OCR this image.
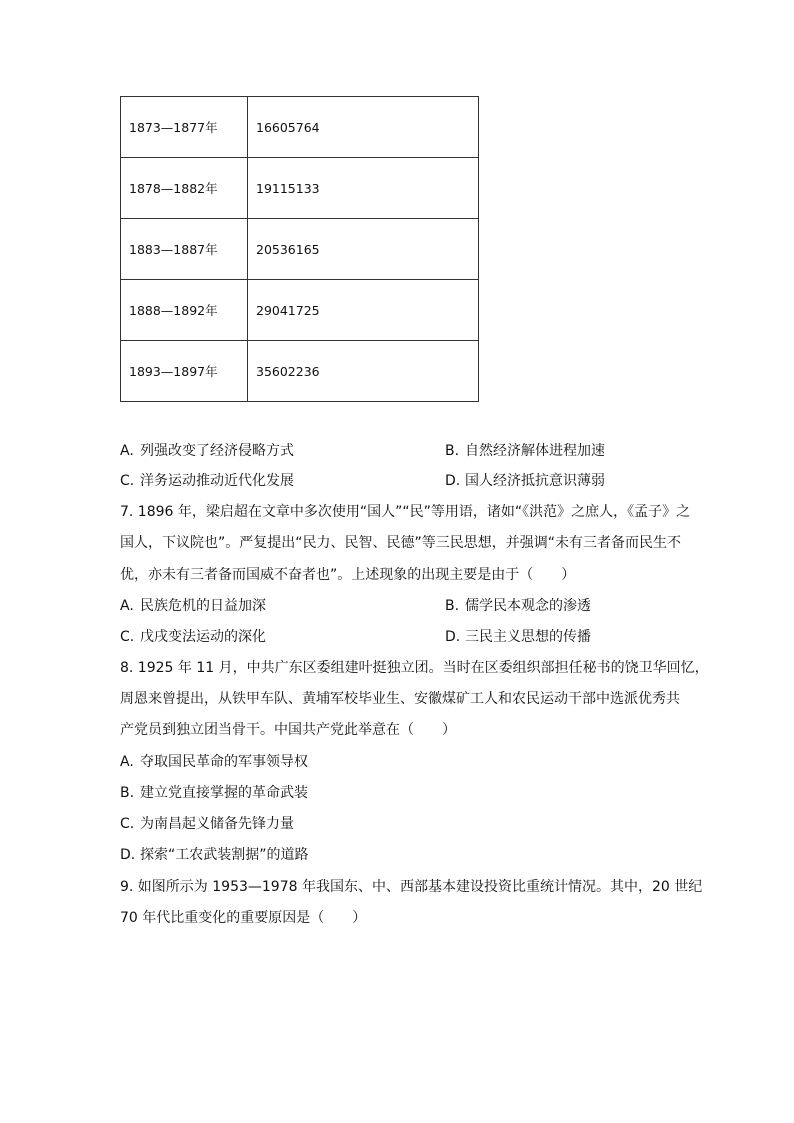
1873—1877年	16605764
1878—1882年	19115133
1883—1887年	20536165
1888—1892年	29041725
1893—1897年	35602236
A. 列强改变了经济侵略方式	B. 自然经济解体进程加速
C. 洋务运动推动近代化发展	D. 国人经济抵抗意识薄弱
7. 1896 年，梁启超在文章中多次使用“国人”“民”等用语，诸如“《洪范》之庶人，《孟子》之
国人，下议院也”。严复提出“民力、民智、民德”等三民思想，并强调“未有三者备而民生不
优，亦未有三者备而国威不奋者也”。上述现象的出现主要是由于（　　）
A. 民族危机的日益加深	B. 儒学民本观念的渗透
C. 戊戌变法运动的深化	D. 三民主义思想的传播
8. 1925 年 11 月，中共广东区委组建叶挺独立团。当时在区委组织部担任秘书的饶卫华回忆，
周恩来曾提出，从铁甲车队、黄埔军校毕业生、安徽煤矿工人和农民运动干部中选派优秀共
产党员到独立团当骨干。中国共产党此举意在（　　）
A. 夺取国民革命的军事领导权
B. 建立党直接掌握的革命武装
C. 为南昌起义储备先锋力量
D. 探索“工农武装割据”的道路
9. 如图所示为 1953—1978 年我国东、中、西部基本建设投资比重统计情况。其中，20 世纪
70 年代比重变化的重要原因是（　　）
